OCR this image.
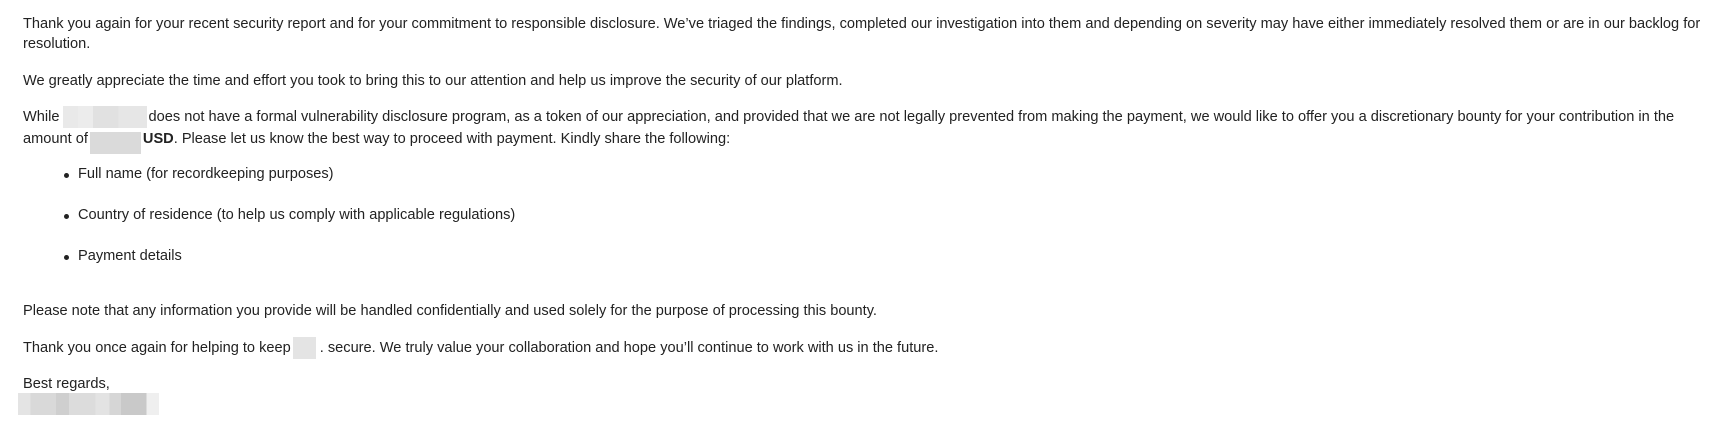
Thank you again for your recent security report and for your commitment to responsible disclosure. We’ve triaged the findings, completed our investigation into them and depending on severity may have either immediately resolved them or are in our backlog for resolution.

We greatly appreciate the time and effort you took to bring this to our attention and help us improve the security of our platform.

While	does not have a formal vulnerability disclosure program, as a token of our appreciation, and provided that we are not legally prevented from making the payment, we would like to offer you a discretionary bounty for your contribution in the amount of	USD. Please let us know the best way to proceed with payment. Kindly share the following:

Full name (for recordkeeping purposes)
Country of residence (to help us comply with applicable regulations)
Payment details

Please note that any information you provide will be handled confidentially and used solely for the purpose of processing this bounty.

Thank you once again for helping to keep . secure. We truly value your collaboration and hope you’ll continue to work with us in the future.

Best regards,
